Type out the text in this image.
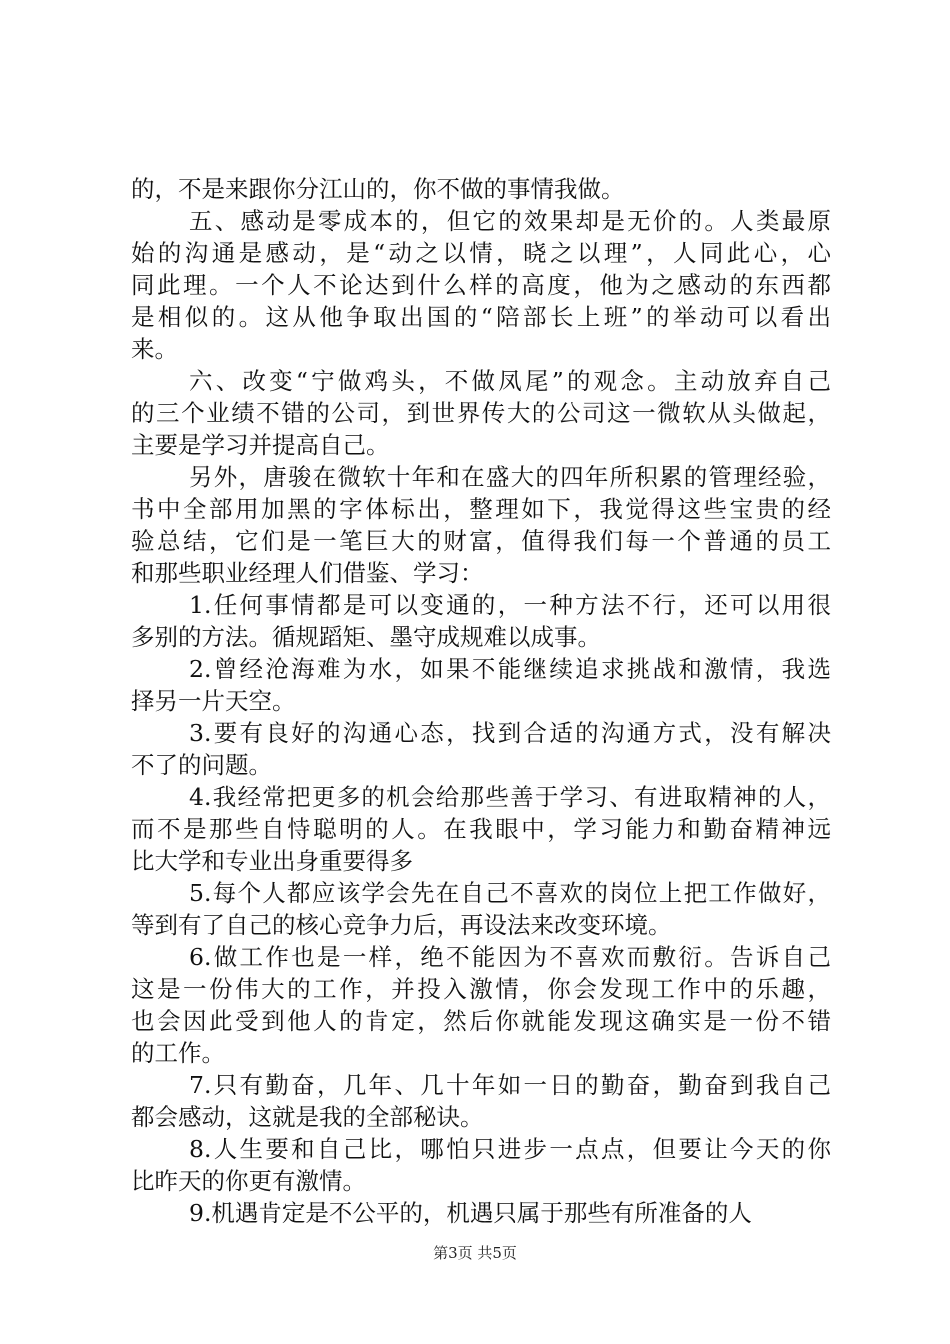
的，不是来跟你分江山的，你不做的事情我做。
五、感动是零成本的，但它的效果却是无价的。人类最原
始的沟通是感动，是“动之以情，晓之以理”，人同此心，心
同此理。一个人不论达到什么样的高度，他为之感动的东西都
是相似的。这从他争取出国的“陪部长上班”的举动可以看出
来。
六、改变“宁做鸡头，不做凤尾”的观念。主动放弃自己
的三个业绩不错的公司，到世界传大的公司这一微软从头做起，
主要是学习并提高自己。
另外，唐骏在微软十年和在盛大的四年所积累的管理经验，
书中全部用加黑的字体标出，整理如下，我觉得这些宝贵的经
验总结，它们是一笔巨大的财富，值得我们每一个普通的员工
和那些职业经理人们借鉴、学习：
1.任何事情都是可以变通的，一种方法不行，还可以用很
多别的方法。循规蹈矩、墨守成规难以成事。
2.曾经沧海难为水，如果不能继续追求挑战和激情，我选
择另一片天空。
3.要有良好的沟通心态，找到合适的沟通方式，没有解决
不了的问题。
4.我经常把更多的机会给那些善于学习、有进取精神的人，
而不是那些自恃聪明的人。在我眼中，学习能力和勤奋精神远
比大学和专业出身重要得多
5.每个人都应该学会先在自己不喜欢的岗位上把工作做好，
等到有了自己的核心竞争力后，再设法来改变环境。
6.做工作也是一样，绝不能因为不喜欢而敷衍。告诉自己
这是一份伟大的工作，并投入激情，你会发现工作中的乐趣，
也会因此受到他人的肯定，然后你就能发现这确实是一份不错
的工作。
7.只有勤奋，几年、几十年如一日的勤奋，勤奋到我自己
都会感动，这就是我的全部秘诀。
8.人生要和自己比，哪怕只进步一点点，但要让今天的你
比昨天的你更有激情。
9.机遇肯定是不公平的，机遇只属于那些有所准备的人
第3页 共5页
